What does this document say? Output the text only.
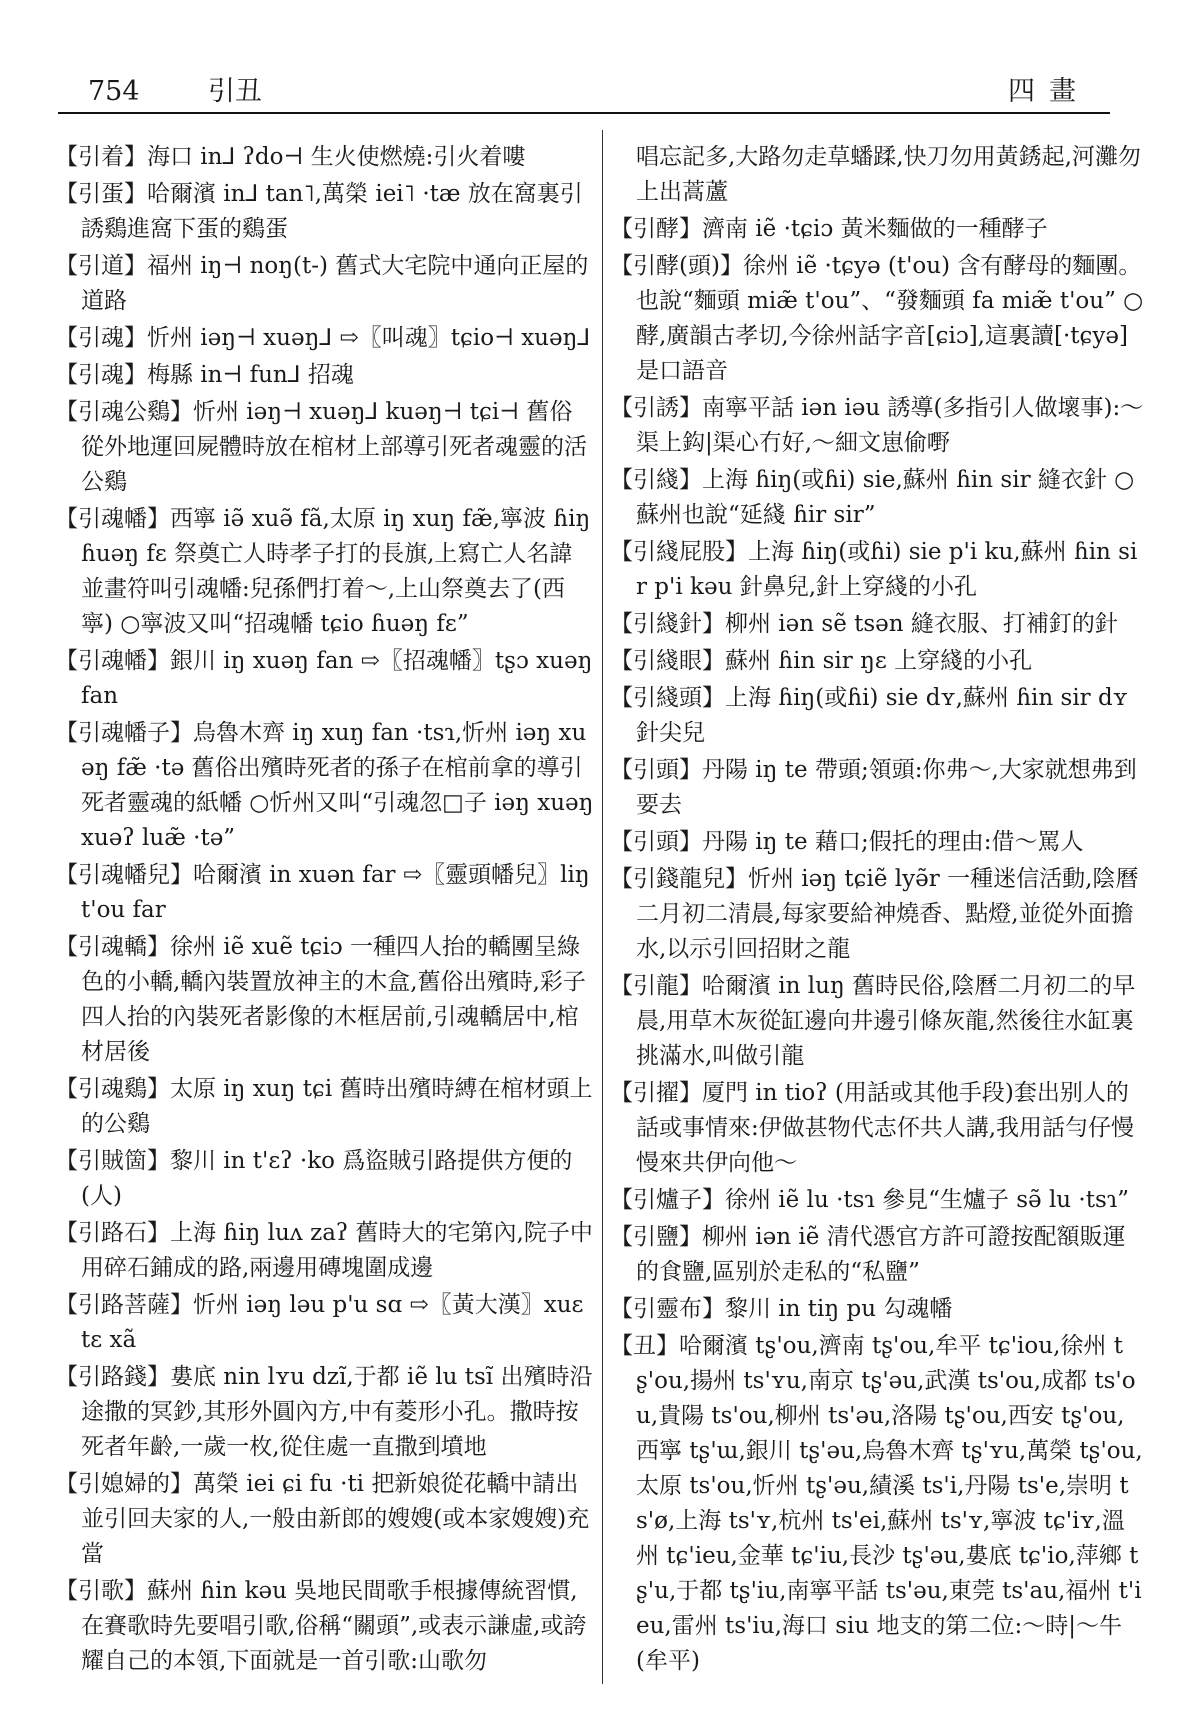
754	引丑	四畫

【引着】海口 in⅃ ʔdo⊣ 生火使燃燒:引火着嘍

【引蛋】哈爾濱 in⅃ tan˥,萬榮 iei˥ ·tæ 放在窩裏引誘鷄進窩下蛋的鷄蛋

【引道】福州 iŋ⊣ noŋ(t-) 舊式大宅院中通向正屋的道路

【引魂】忻州 iəŋ⊣ xuəŋ⅃ ⇨〖叫魂〗tɕio⊣ xuəŋ⅃

【引魂】梅縣 in⊣ fun⅃ 招魂

【引魂公鷄】忻州 iəŋ⊣ xuəŋ⅃ kuəŋ⊣ tɕi⊣ 舊俗從外地運回屍體時放在棺材上部導引死者魂靈的活公鷄

【引魂幡】西寧 iə̃ xuə̃ fã,太原 iŋ xuŋ fæ̃,寧波 ɦiŋ ɦuəŋ fɛ 祭奠亡人時孝子打的長旗,上寫亡人名諱並畫符叫引魂幡:兒孫們打着～,上山祭奠去了(西寧) ○寧波又叫“招魂幡 tɕio ɦuəŋ fɛ”

【引魂幡】銀川 iŋ xuəŋ fan ⇨〖招魂幡〗tʂɔ xuəŋ fan

【引魂幡子】烏魯木齊 iŋ xuŋ fan ·tsɿ,忻州 iəŋ xuəŋ fæ̃ ·tə 舊俗出殯時死者的孫子在棺前拿的導引死者靈魂的紙幡 ○忻州又叫“引魂忽□子 iəŋ xuəŋ xuəʔ luæ̃ ·tə”

【引魂幡兒】哈爾濱 in xuən far ⇨〖靈頭幡兒〗liŋ t'ou far

【引魂轎】徐州 iẽ xuẽ tɕiɔ 一種四人抬的轎團呈綠色的小轎,轎內裝置放神主的木盒,舊俗出殯時,彩子四人抬的內裝死者影像的木框居前,引魂轎居中,棺材居後

【引魂鷄】太原 iŋ xuŋ tɕi 舊時出殯時縛在棺材頭上的公鷄

【引賊箇】黎川 in t'ɛʔ ·ko 爲盜賊引路提供方便的(人)

【引路石】上海 ɦiŋ luʌ zaʔ 舊時大的宅第內,院子中用碎石鋪成的路,兩邊用磚塊圍成邊

【引路菩薩】忻州 iəŋ ləu p'u sɑ ⇨〖黃大漢〗xuɛ tɛ xã

【引路錢】婁底 nin lʏu dzĩ,于都 iẽ lu tsĩ 出殯時沿途撒的冥鈔,其形外圓內方,中有菱形小孔。撒時按死者年齡,一歲一枚,從住處一直撒到墳地

【引媳婦的】萬榮 iei ɕi fu ·ti 把新娘從花轎中請出並引回夫家的人,一般由新郎的嫂嫂(或本家嫂嫂)充當

【引歌】蘇州 ɦin kəu 吳地民間歌手根據傳統習慣,在賽歌時先要唱引歌,俗稱“關頭”,或表示謙虛,或誇耀自己的本領,下面就是一首引歌:山歌勿

唱忘記多,大路勿走草蟠蹂,快刀勿用黃銹起,河灘勿上出蒿蘆

【引酵】濟南 iẽ ·tɕiɔ 黃米麵做的一種酵子

【引酵(頭)】徐州 iẽ ·tɕyə (t'ou) 含有酵母的麵團。也說“麵頭 miæ̃ t'ou”、“發麵頭 fa miæ̃ t'ou” ○酵,廣韻古孝切,今徐州話字音[ɕiɔ],這裏讀[·tɕyə]是口語音

【引誘】南寧平話 iən iəu 誘導(多指引人做壞事):～渠上鈎|渠心冇好,～細文崽偷嘢

【引綫】上海 ɦiŋ(或ɦi) sie,蘇州 ɦin sir 縫衣針 ○蘇州也說“延綫 ɦir sir”

【引綫屁股】上海 ɦiŋ(或ɦi) sie p'i ku,蘇州 ɦin sir p'i kəu 針鼻兒,針上穿綫的小孔

【引綫針】柳州 iən sẽ tsən 縫衣服、打補釘的針

【引綫眼】蘇州 ɦin sir ŋɛ 上穿綫的小孔

【引綫頭】上海 ɦiŋ(或ɦi) sie dʏ,蘇州 ɦin sir dʏ 針尖兒

【引頭】丹陽 iŋ te 帶頭;領頭:你弗～,大家就想弗到要去

【引頭】丹陽 iŋ te 藉口;假托的理由:借～罵人

【引錢龍兒】忻州 iəŋ tɕiẽ lyə̃r 一種迷信活動,陰曆二月初二清晨,每家要給神燒香、點燈,並從外面擔水,以示引回招財之龍

【引龍】哈爾濱 in luŋ 舊時民俗,陰曆二月初二的早晨,用草木灰從缸邊向井邊引條灰龍,然後往水缸裏挑滿水,叫做引龍

【引擢】厦門 in tioʔ (用話或其他手段)套出别人的話或事情來:伊做甚物代志伓共人講,我用話勻仔慢慢來共伊向他～

【引爐子】徐州 iẽ lu ·tsɿ 參見“生爐子 sə̃ lu ·tsɿ”

【引鹽】柳州 iən iẽ 清代憑官方許可證按配額販運的食鹽,區别於走私的“私鹽”

【引靈布】黎川 in tiŋ pu 勾魂幡

【丑】哈爾濱 tʂ'ou,濟南 tʂ'ou,牟平 tɕ'iou,徐州 tʂ'ou,揚州 ts'ʏu,南京 tʂ'əu,武漢 ts'ou,成都 ts'ou,貴陽 ts'ou,柳州 ts'əu,洛陽 tʂ'ou,西安 tʂ'ou,西寧 tʂ'ɯ,銀川 tʂ'əu,烏魯木齊 tʂ'ʏu,萬榮 tʂ'ou,太原 ts'ou,忻州 tʂ'əu,績溪 ts'i,丹陽 ts'e,崇明 ts'ø,上海 ts'ʏ,杭州 ts'ei,蘇州 ts'ʏ,寧波 tɕ'iʏ,溫州 tɕ'ieu,金華 tɕ'iu,長沙 tʂ'əu,婁底 tɕ'io,萍鄉 tʂ'u,于都 tʂ'iu,南寧平話 ts'əu,東莞 ts'au,福州 t'ieu,雷州 ts'iu,海口 siu 地支的第二位:～時|～牛(牟平)
